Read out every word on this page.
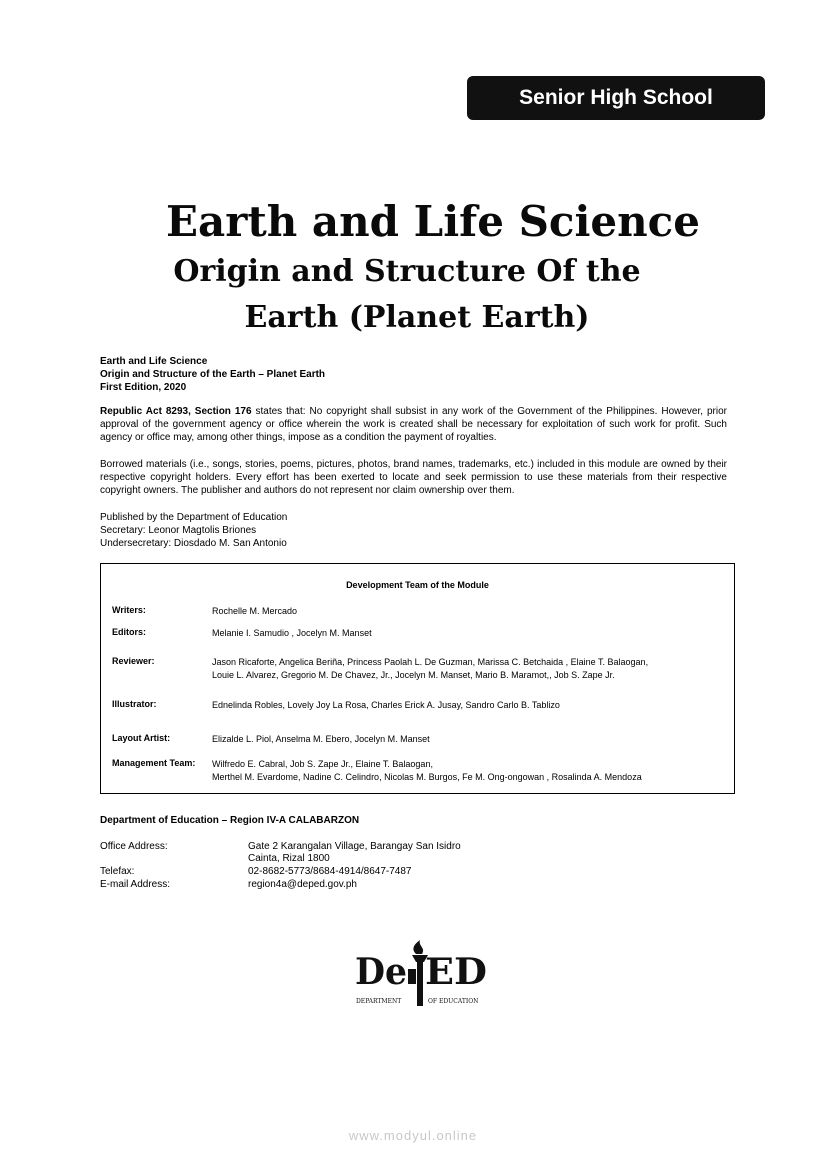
Senior High School
Earth and Life Science
Origin and Structure Of the
Earth (Planet Earth)
Earth and Life Science
Origin and Structure of the Earth – Planet Earth
First Edition, 2020
Republic Act 8293, Section 176 states that: No copyright shall subsist in any work of the Government of the Philippines. However, prior approval of the government agency or office wherein the work is created shall be necessary for exploitation of such work for profit. Such agency or office may, among other things, impose as a condition the payment of royalties.
Borrowed materials (i.e., songs, stories, poems, pictures, photos, brand names, trademarks, etc.) included in this module are owned by their respective copyright holders. Every effort has been exerted to locate and seek permission to use these materials from their respective copyright owners. The publisher and authors do not represent nor claim ownership over them.
Published by the Department of Education
Secretary: Leonor Magtolis Briones
Undersecretary: Diosdado M. San Antonio
Development Team of the Module
Writers:	Rochelle M. Mercado
Editors:	Melanie I. Samudio , Jocelyn M. Manset
Reviewer:	Jason Ricaforte, Angelica Beriña, Princess Paolah L. De Guzman, Marissa C. Betchaida , Elaine T. Balaogan,
Louie L. Alvarez, Gregorio M. De Chavez, Jr., Jocelyn M. Manset, Mario B. Maramot,, Job S. Zape Jr.
Illustrator:	Ednelinda Robles, Lovely Joy La Rosa, Charles Erick A. Jusay, Sandro Carlo B. Tablizo
Layout Artist:	Elizalde L. Piol, Anselma M. Ebero, Jocelyn M. Manset
Management Team: Wilfredo E. Cabral, Job S. Zape Jr., Elaine T. Balaogan,
Merthel M. Evardome, Nadine C. Celindro, Nicolas M. Burgos, Fe M. Ong-ongowan , Rosalinda A. Mendoza
Department of Education – Region IV-A CALABARZON
Office Address:	Gate 2 Karangalan Village, Barangay San Isidro
Cainta, Rizal 1800
Telefax:	02-8682-5773/8684-4914/8647-7487
E-mail Address:	region4a@deped.gov.ph
De ED
DEPARTMENT	OF EDUCATION
www.modyul.online
